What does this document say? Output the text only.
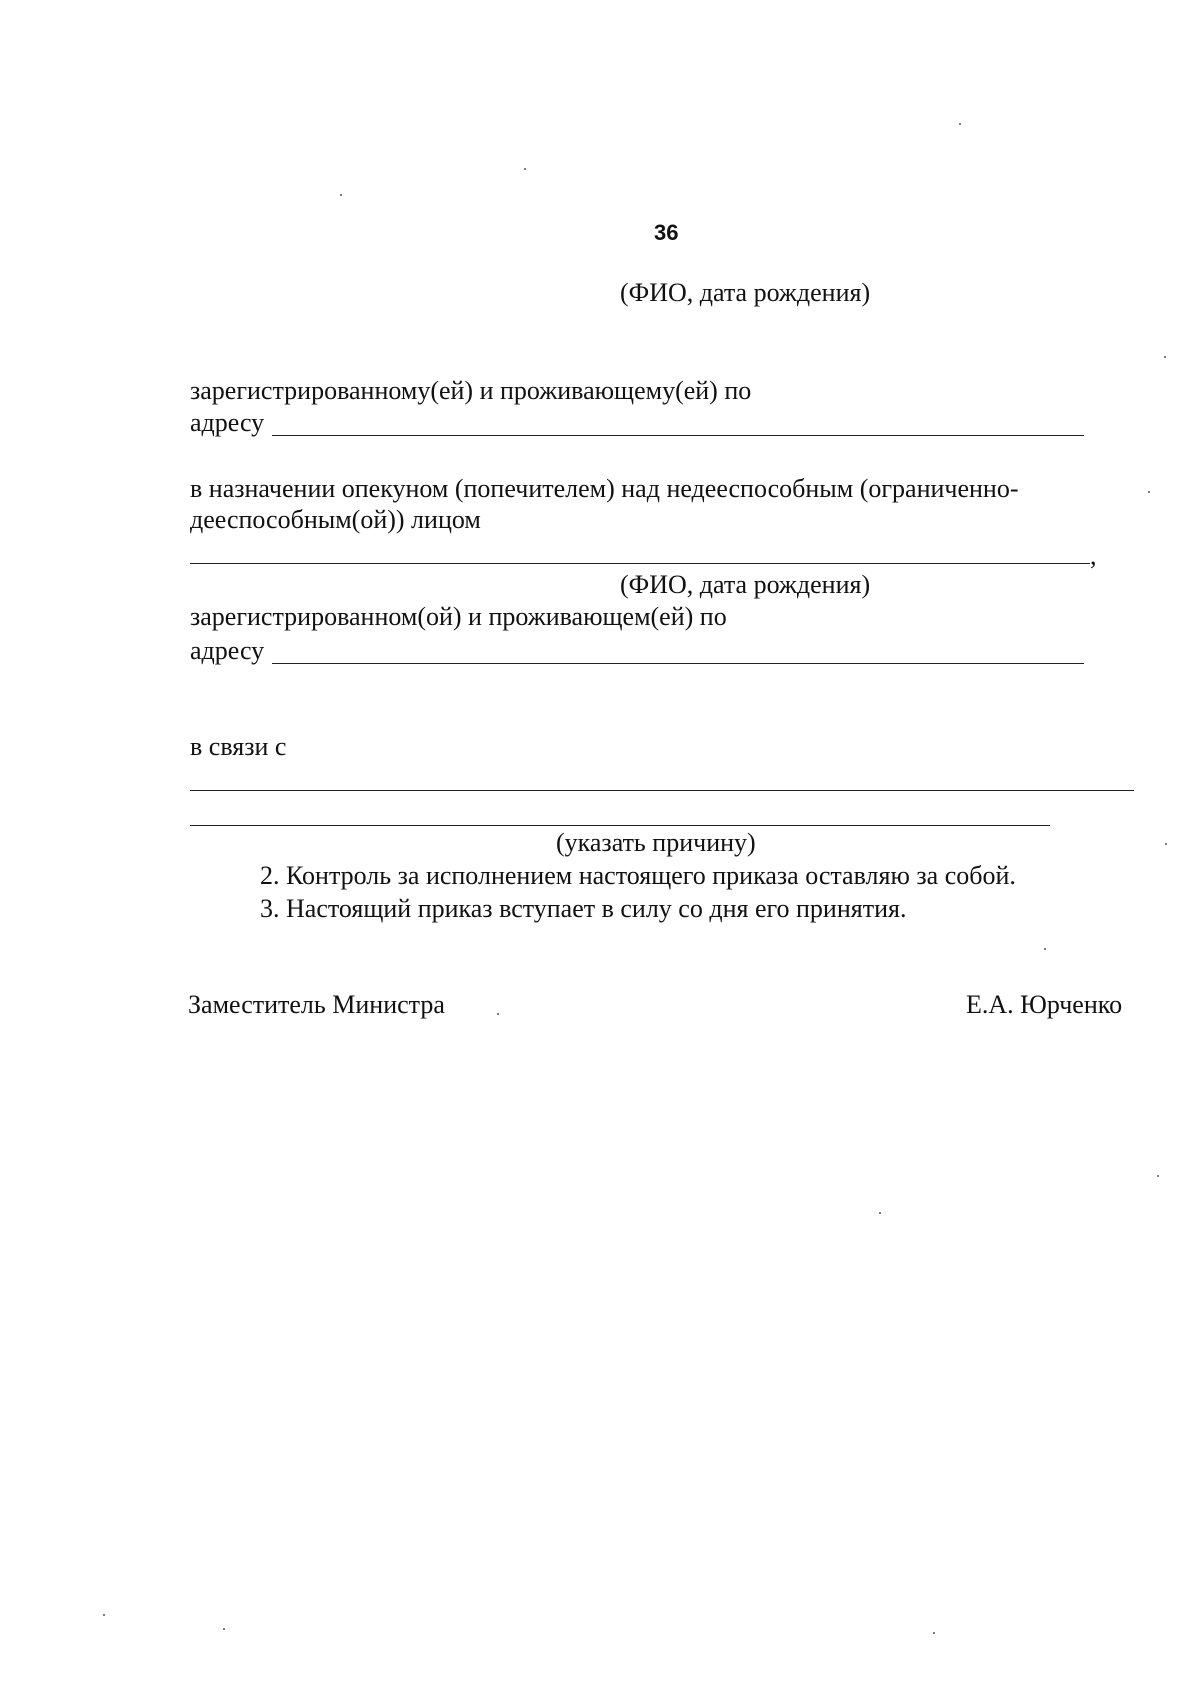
36
(ФИО, дата рождения)
зарегистрированному(ей) и проживающему(ей) по
адресу
в назначении опекуном (попечителем) над недееспособным (ограниченно-
дееспособным(ой)) лицом
,
(ФИО, дата рождения)
зарегистрированном(ой) и проживающем(ей) по
адресу
в связи с
(указать причину)
2. Контроль за исполнением настоящего приказа оставляю за собой.
3. Настоящий приказ вступает в силу со дня его принятия.
Заместитель Министра	Е.А. Юрченко
